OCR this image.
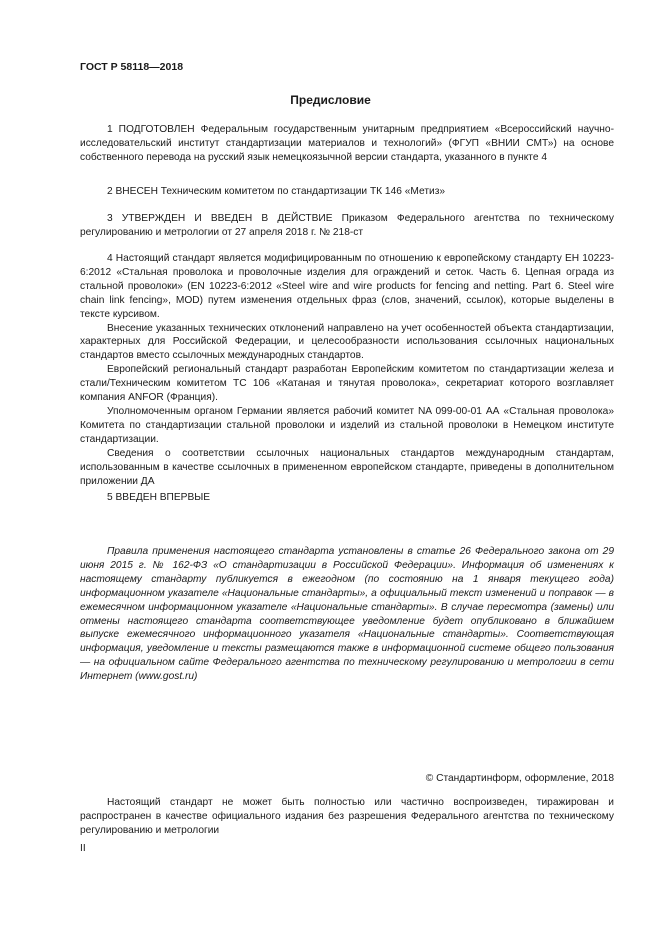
ГОСТ Р 58118—2018
Предисловие

1 ПОДГОТОВЛЕН Федеральным государственным унитарным предприятием «Всероссийский научно-исследовательский институт стандартизации материалов и технологий» (ФГУП «ВНИИ СМТ») на основе собственного перевода на русский язык немецкоязычной версии стандарта, указанного в пункте 4

2 ВНЕСЕН Техническим комитетом по стандартизации ТК 146 «Метиз»

3 УТВЕРЖДЕН И ВВЕДЕН В ДЕЙСТВИЕ Приказом Федерального агентства по техническому регулированию и метрологии от 27 апреля 2018 г. № 218-ст

4 Настоящий стандарт является модифицированным по отношению к европейскому стандарту ЕН 10223-6:2012 «Стальная проволока и проволочные изделия для ограждений и сеток. Часть 6. Цепная ограда из стальной проволоки» (EN 10223-6:2012 «Steel wire and wire products for fencing and netting. Part 6. Steel wire chain link fencing», MOD) путем изменения отдельных фраз (слов, значений, ссылок), которые выделены в тексте курсивом.

Внесение указанных технических отклонений направлено на учет особенностей объекта стандартизации, характерных для Российской Федерации, и целесообразности использования ссылочных национальных стандартов вместо ссылочных международных стандартов.

Европейский региональный стандарт разработан Европейским комитетом по стандартизации железа и стали/Техническим комитетом ТС 106 «Катаная и тянутая проволока», секретариат которого возглавляет компания ANFOR (Франция).

Уполномоченным органом Германии является рабочий комитет NA 099-00-01 АА «Стальная проволока» Комитета по стандартизации стальной проволоки и изделий из стальной проволоки в Немецком институте стандартизации.

Сведения о соответствии ссылочных национальных стандартов международным стандартам, использованным в качестве ссылочных в примененном европейском стандарте, приведены в дополнительном приложении ДА

5 ВВЕДЕН ВПЕРВЫЕ

Правила применения настоящего стандарта установлены в статье 26 Федерального закона от 29 июня 2015 г. № 162-ФЗ «О стандартизации в Российской Федерации». Информация об изменениях к настоящему стандарту публикуется в ежегодном (по состоянию на 1 января текущего года) информационном указателе «Национальные стандарты», а официальный текст изменений и поправок — в ежемесячном информационном указателе «Национальные стандарты». В случае пересмотра (замены) или отмены настоящего стандарта соответствующее уведомление будет опубликовано в ближайшем выпуске ежемесячного информационного указателя «Национальные стандарты». Соответствующая информация, уведомление и тексты размещаются также в информационной системе общего пользования — на официальном сайте Федерального агентства по техническому регулированию и метрологии в сети Интернет (www.gost.ru)

© Стандартинформ, оформление, 2018

Настоящий стандарт не может быть полностью или частично воспроизведен, тиражирован и распространен в качестве официального издания без разрешения Федерального агентства по техническому регулированию и метрологии

II
